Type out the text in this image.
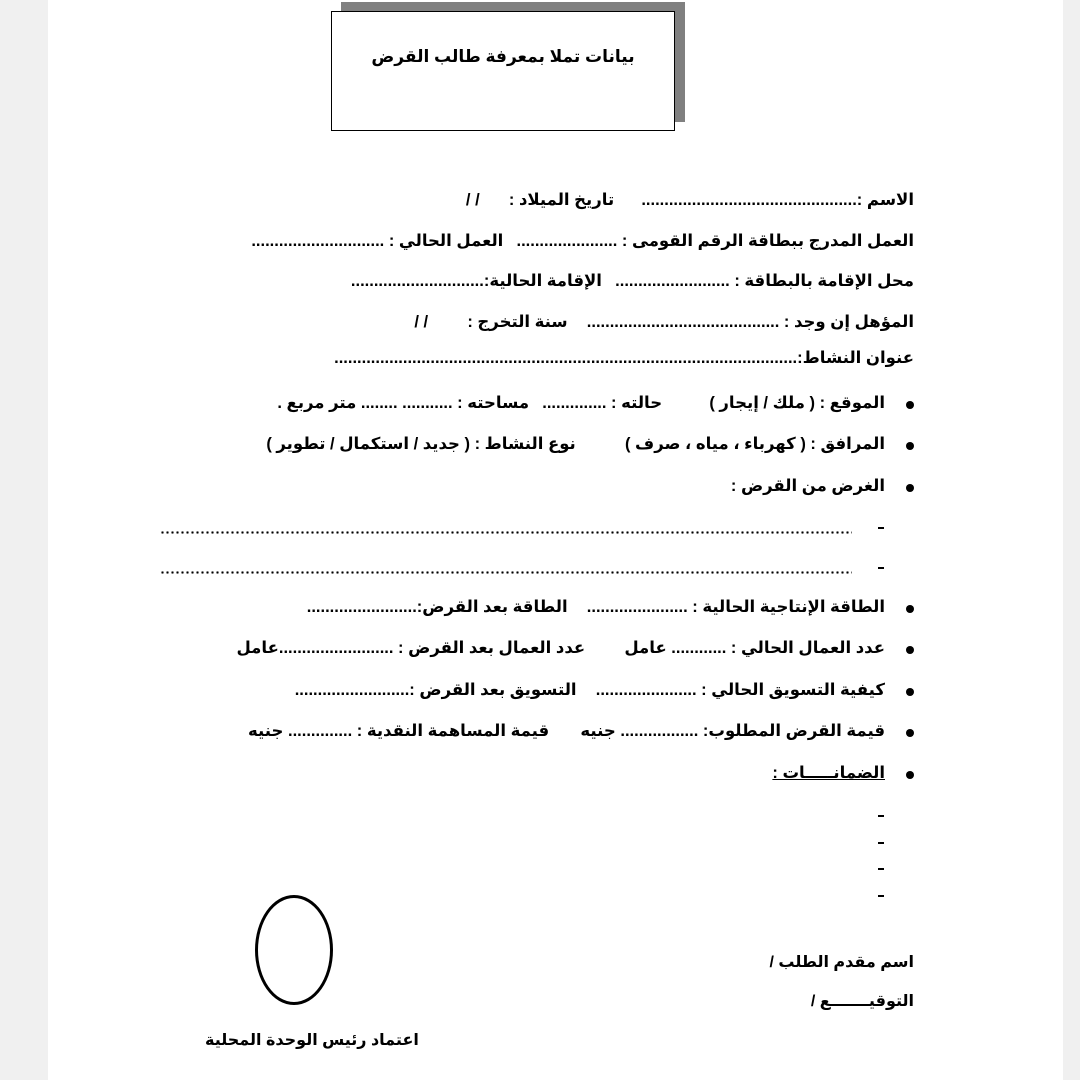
بيانات تملا بمعرفة طالب القرض
الاسم :...............................................  تاريخ الميلاد :  / /
العمل المدرج ببطاقة الرقم القومى : ......................  العمل الحالي : .............................
محل الإقامة بالبطاقة : .........................  الإقامة الحالية:.............................
المؤهل إن وجد : ..........................................  سنة التخرج :  / /
عنوان النشاط:.....................................................................................................
الموقع : ( ملك / إيجار )  حالته : ..............  مساحته : ........... ........ متر مربع .
المرافق : ( كهرباء ، مياه ، صرف )  نوع النشاط : ( جديد / استكمال / تطوير )
الغرض من القرض :
الطاقة الإنتاجية الحالية : ......................  الطاقة بعد القرض:........................
عدد العمال الحالي : ............ عامل  عدد العمال بعد القرض : .........................عامل
كيفية التسويق الحالي : ......................  التسويق بعد القرض :.........................
قيمة القرض المطلوب: ................. جنيه  قيمة المساهمة النقدية : .............. جنيه
الضمانـــــات :
اسم مقدم الطلب /
التوقيـــــــع /
اعتماد رئيس الوحدة المحلية
